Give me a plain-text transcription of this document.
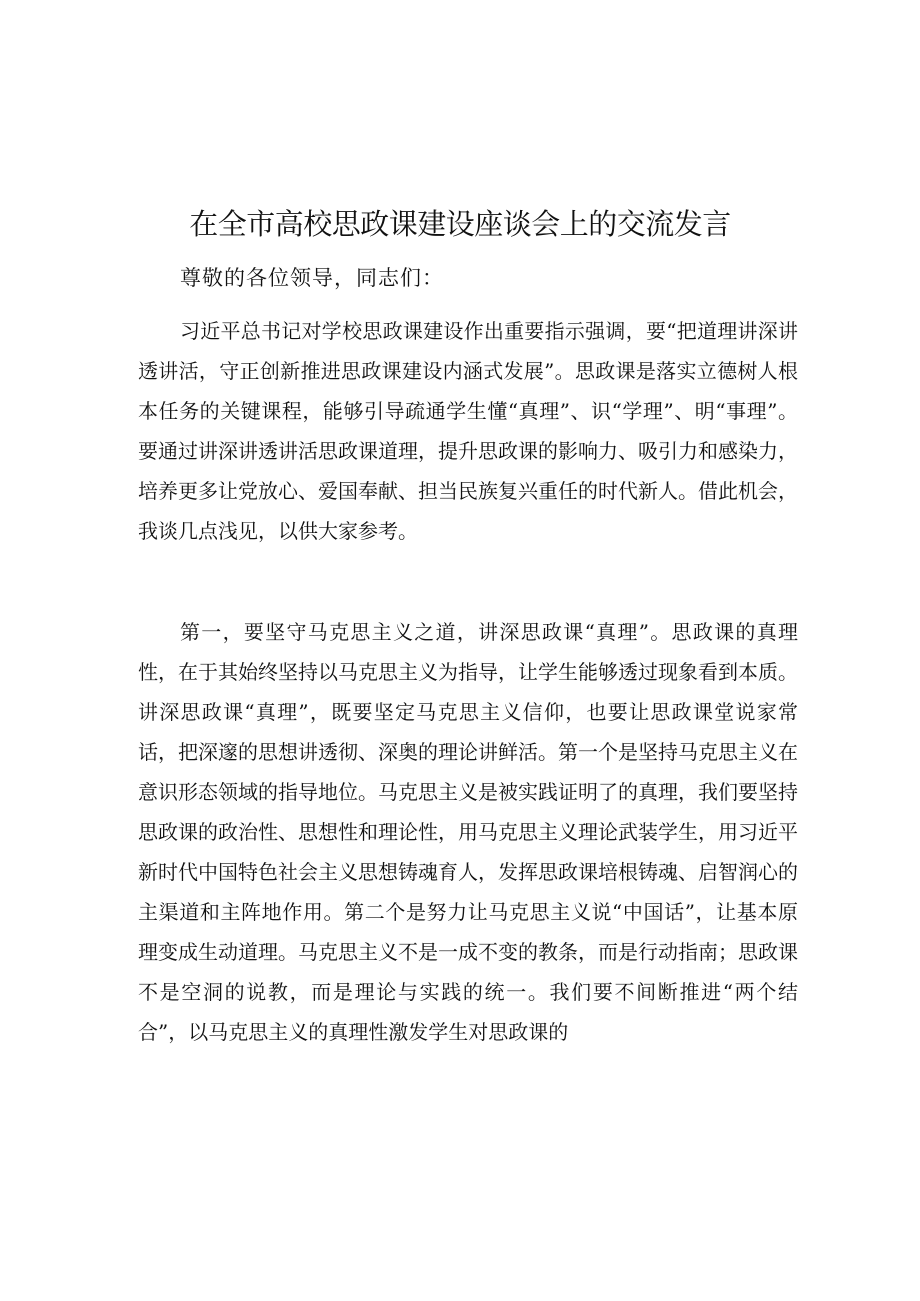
在全市高校思政课建设座谈会上的交流发言

尊敬的各位领导，同志们：

习近平总书记对学校思政课建设作出重要指示强调，要“把道理讲深讲透讲活，守正创新推进思政课建设内涵式发展”。思政课是落实立德树人根本任务的关键课程，能够引导疏通学生懂“真理”、识“学理”、明“事理”。要通过讲深讲透讲活思政课道理，提升思政课的影响力、吸引力和感染力，培养更多让党放心、爱国奉献、担当民族复兴重任的时代新人。借此机会，我谈几点浅见，以供大家参考。

第一，要坚守马克思主义之道，讲深思政课“真理”。思政课的真理性，在于其始终坚持以马克思主义为指导，让学生能够透过现象看到本质。讲深思政课“真理”，既要坚定马克思主义信仰，也要让思政课堂说家常话，把深邃的思想讲透彻、深奥的理论讲鲜活。第一个是坚持马克思主义在意识形态领域的指导地位。马克思主义是被实践证明了的真理，我们要坚持思政课的政治性、思想性和理论性，用马克思主义理论武装学生，用习近平新时代中国特色社会主义思想铸魂育人，发挥思政课培根铸魂、启智润心的主渠道和主阵地作用。第二个是努力让马克思主义说“中国话”，让基本原理变成生动道理。马克思主义不是一成不变的教条，而是行动指南；思政课不是空洞的说教，而是理论与实践的统一。我们要不间断推进“两个结合”，以马克思主义的真理性激发学生对思政课的
